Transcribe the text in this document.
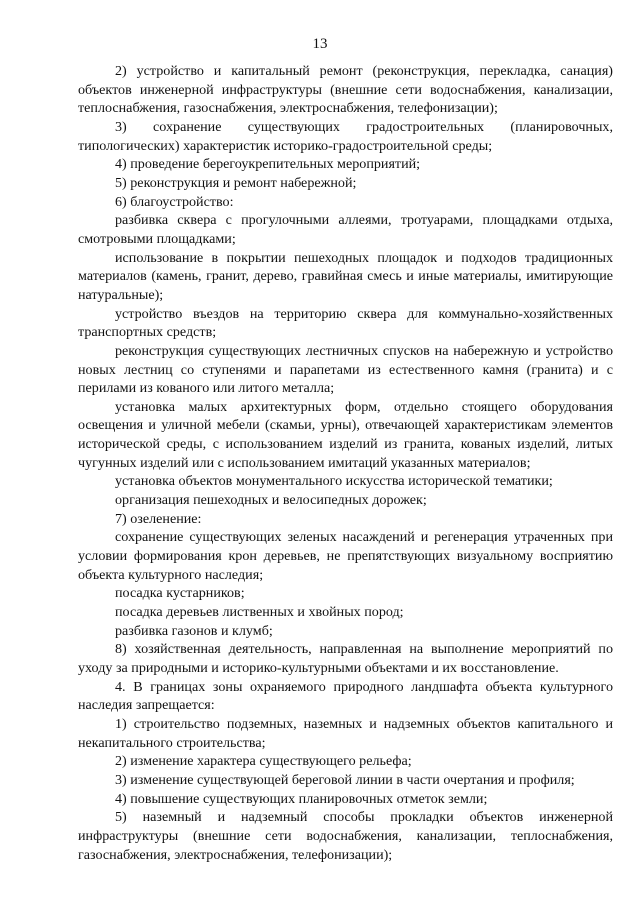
13

2) устройство и капитальный ремонт (реконструкция, перекладка, санация) объектов инженерной инфраструктуры (внешние сети водоснабжения, канализации, теплоснабжения, газоснабжения, электроснабжения, телефонизации);

3) сохранение существующих градостроительных (планировочных, типологических) характеристик историко-градостроительной среды;

4) проведение берегоукрепительных мероприятий;

5) реконструкция и ремонт набережной;

6) благоустройство:

разбивка сквера с прогулочными аллеями, тротуарами, площадками отдыха, смотровыми площадками;

использование в покрытии пешеходных площадок и подходов традиционных материалов (камень, гранит, дерево, гравийная смесь и иные материалы, имитирующие натуральные);

устройство въездов на территорию сквера для коммунально-хозяйственных транспортных средств;

реконструкция существующих лестничных спусков на набережную и устройство новых лестниц со ступенями и парапетами из естественного камня (гранита) и с перилами из кованого или литого металла;

установка малых архитектурных форм, отдельно стоящего оборудования освещения и уличной мебели (скамьи, урны), отвечающей характеристикам элементов исторической среды, с использованием изделий из гранита, кованых изделий, литых чугунных изделий или с использованием имитаций указанных материалов;

установка объектов монументального искусства исторической тематики;

организация пешеходных и велосипедных дорожек;

7) озеленение:

сохранение существующих зеленых насаждений и регенерация утраченных при условии формирования крон деревьев, не препятствующих визуальному восприятию объекта культурного наследия;

посадка кустарников;

посадка деревьев лиственных и хвойных пород;

разбивка газонов и клумб;

8) хозяйственная деятельность, направленная на выполнение мероприятий по уходу за природными и историко-культурными объектами и их восстановление.

4. В границах зоны охраняемого природного ландшафта объекта культурного наследия запрещается:

1) строительство подземных, наземных и надземных объектов капитального и некапитального строительства;

2) изменение характера существующего рельефа;

3) изменение существующей береговой линии в части очертания и профиля;

4) повышение существующих планировочных отметок земли;

5) наземный и надземный способы прокладки объектов инженерной инфраструктуры (внешние сети водоснабжения, канализации, теплоснабжения, газоснабжения, электроснабжения, телефонизации);
